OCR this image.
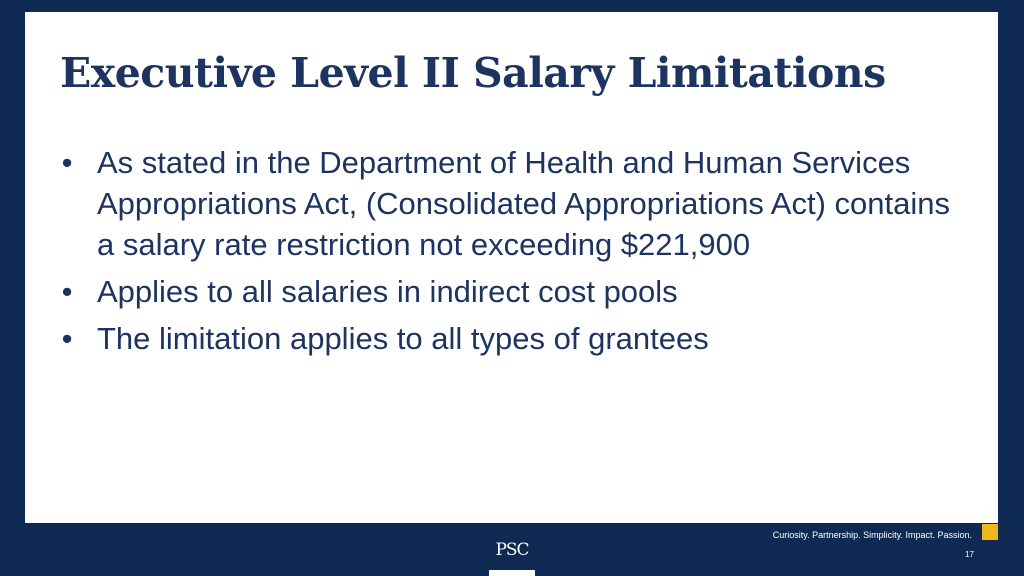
Executive Level II Salary Limitations
• As stated in the Department of Health and Human Services Appropriations Act, (Consolidated Appropriations Act) contains a salary rate restriction not exceeding $221,900
• Applies to all salaries in indirect cost pools
• The limitation applies to all types of grantees
Curiosity. Partnership. Simplicity. Impact. Passion.
17
PSC
